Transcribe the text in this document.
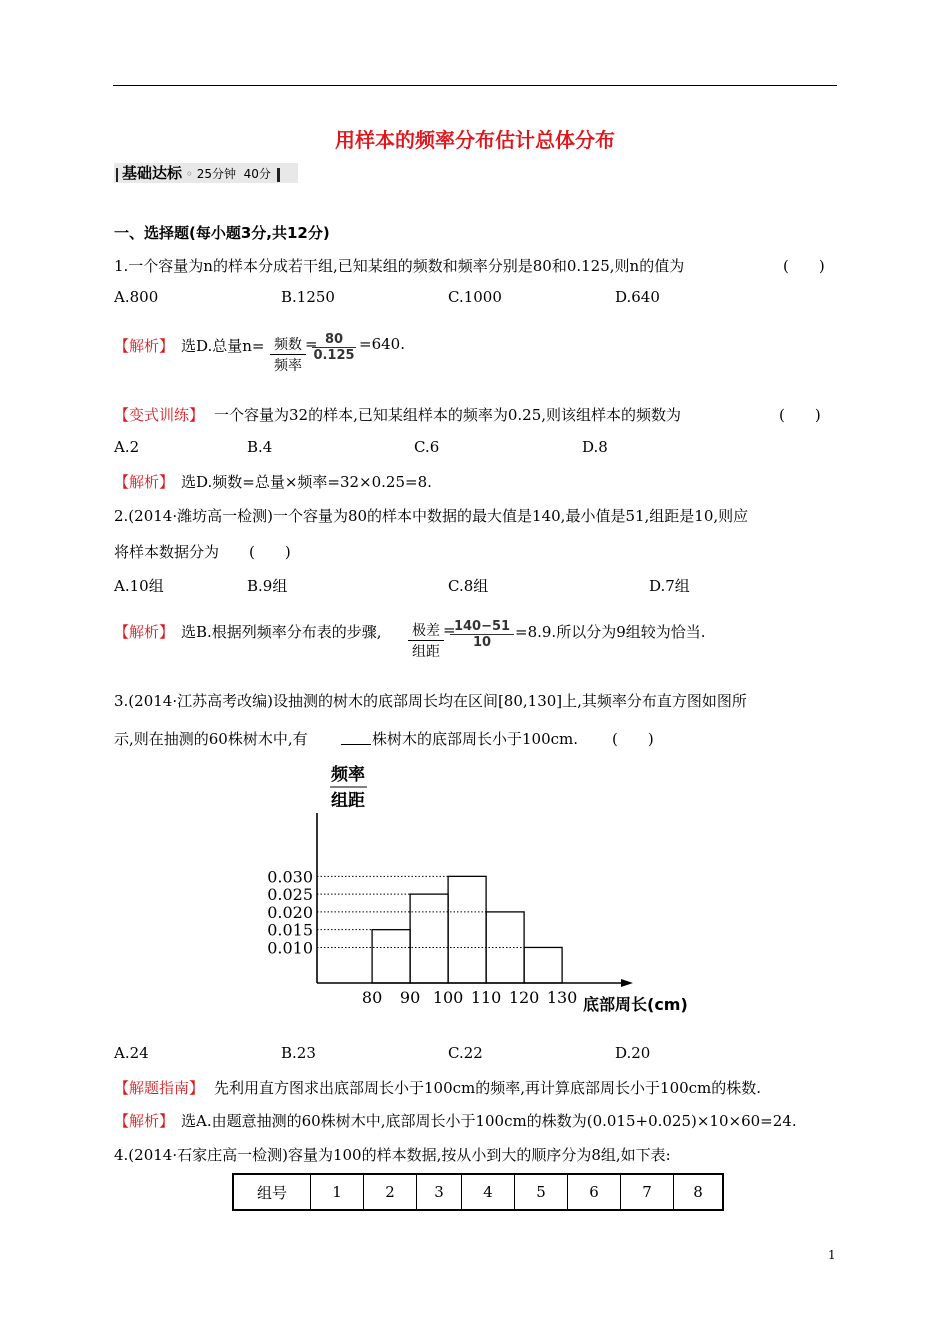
用样本的频率分布估计总体分布
基础达标 ◦ 25分钟 40分
一、选择题(每小题3分,共12分)
1.一个容量为n的样本分成若干组,已知某组的频数和频率分别是80和0.125,则n的值为	(　　)
A.800	B.1250	C.1000	D.640
【解析】 选D.总量n= 频数
频率
= 80
0.125
=640.
【变式训练】 一个容量为32的样本,已知某组样本的频率为0.25,则该组样本的频数为	(　　)
A.2	B.4	C.6	D.8
【解析】 选D.频数=总量×频率=32×0.25=8.
2.(2014·潍坊高一检测)一个容量为80的样本中数据的最大值是140,最小值是51,组距是10,则应
将样本数据分为 (　　)
A.10组	B.9组	C.8组	D.7组
【解析】 选B.根据列频率分布表的步骤, 极差
组距
=
140−51
10
=8.9.所以分为9组较为恰当.
3.(2014·江苏高考改编)设抽测的树木的底部周长均在区间[80,130]上,其频率分布直方图如图所
示,则在抽测的60株树木中,有	株树木的底部周长小于100cm. (　　)
频率
组距
0.030
0.025
0.020
0.015
0.010
80 90 100 110 120 130 底部周长(cm)
A.24	B.23	C.22	D.20
【解题指南】 先利用直方图求出底部周长小于100cm的频率,再计算底部周长小于100cm的株数.
【解析】 选A.由题意抽测的60株树木中,底部周长小于100cm的株数为(0.015+0.025)×10×60=24.
4.(2014·石家庄高一检测)容量为100的样本数据,按从小到大的顺序分为8组,如下表:
组号	1	2	3	4	5	6	7	8
1
